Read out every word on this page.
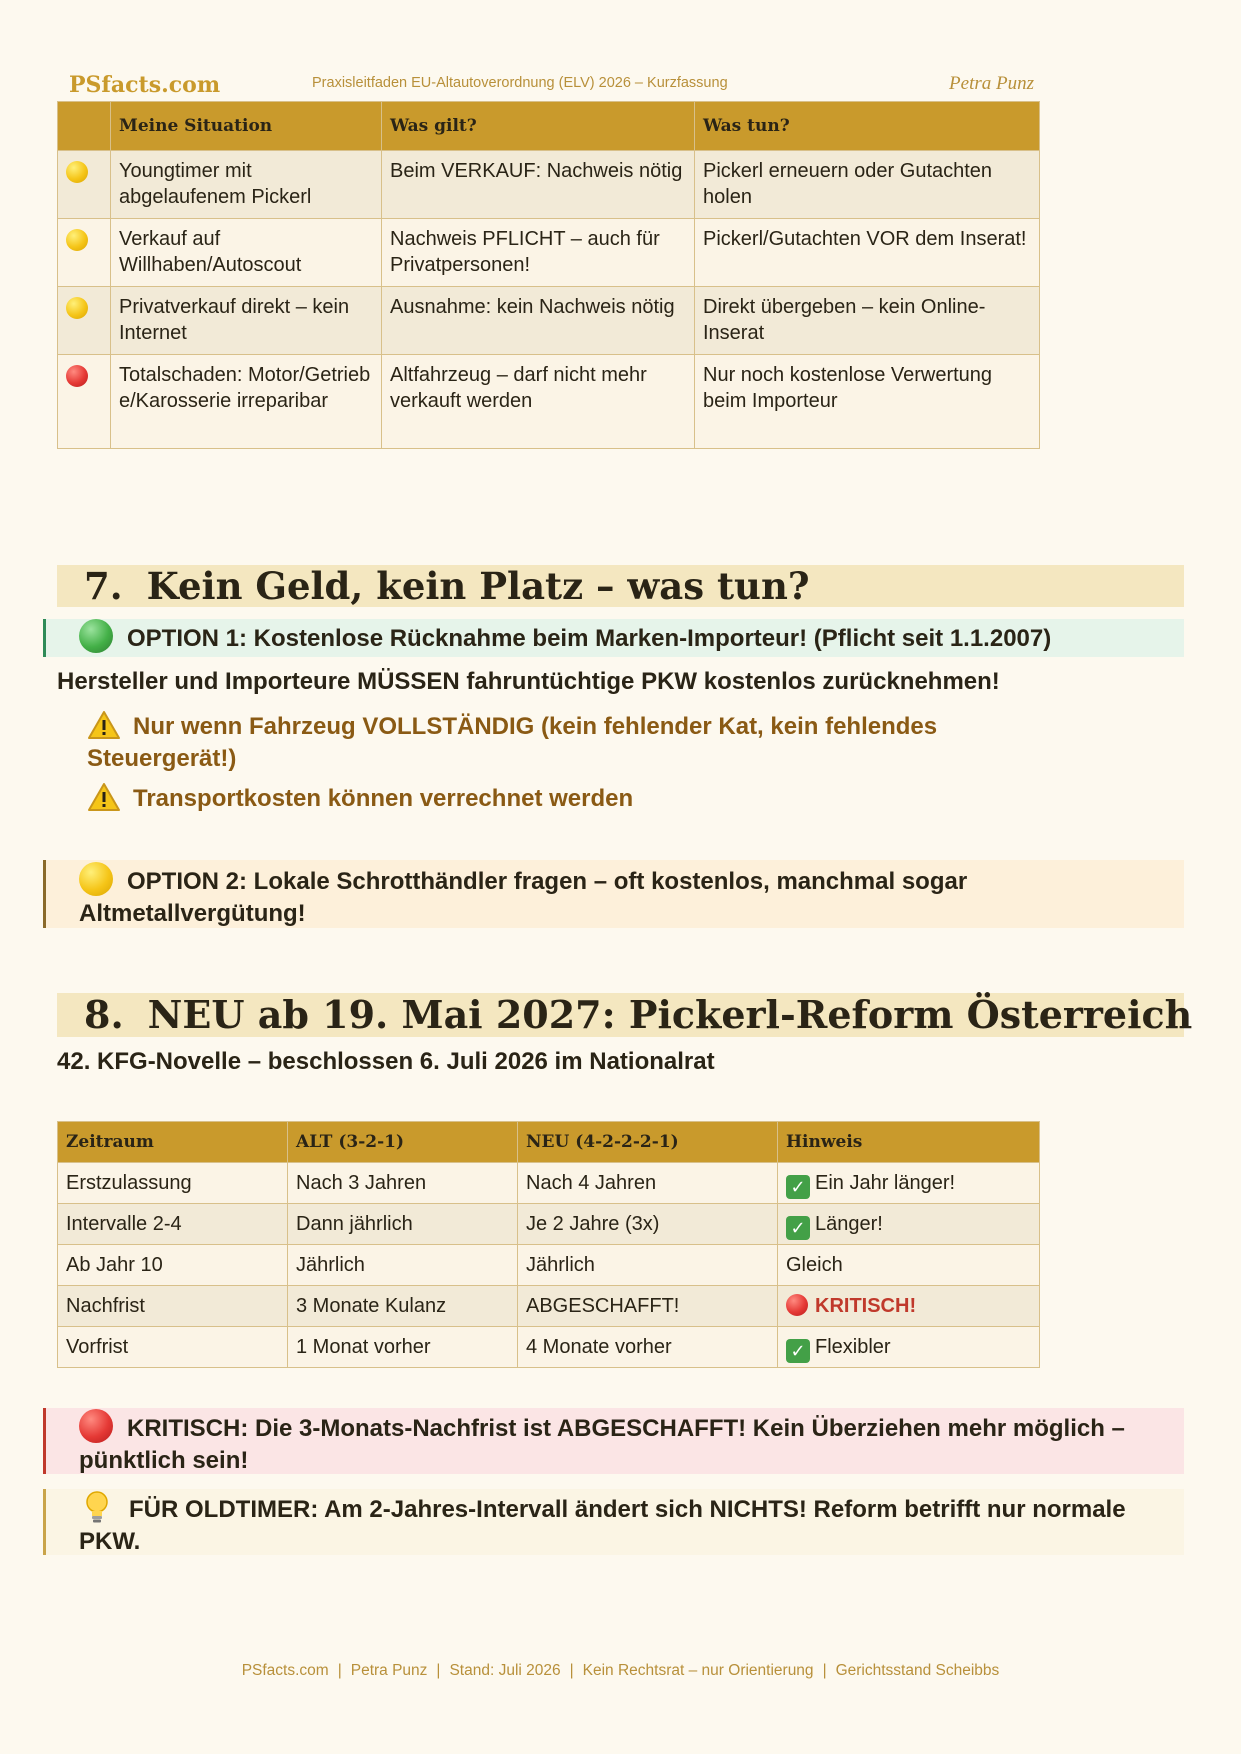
PSfacts.com	Praxisleitfaden EU-Altautoverordnung (ELV) 2026 – Kurzfassung	Petra Punz
	Meine Situation	Was gilt?	Was tun?
	Youngtimer mit abgelaufenem Pickerl	Beim VERKAUF: Nachweis nötig	Pickerl erneuern oder Gutachten holen
	Verkauf auf Willhaben/Autoscout	Nachweis PFLICHT – auch für Privatpersonen!	Pickerl/Gutachten VOR dem Inserat!
	Privatverkauf direkt – kein Internet	Ausnahme: kein Nachweis nötig	Direkt übergeben – kein Online-Inserat
	Totalschaden: Motor/Getriebe/Karosserie irreparibar	Altfahrzeug – darf nicht mehr verkauft werden	Nur noch kostenlose Verwertung beim Importeur
7. Kein Geld, kein Platz – was tun?
OPTION 1: Kostenlose Rücknahme beim Marken-Importeur! (Pflicht seit 1.1.2007)
Hersteller und Importeure MÜSSEN fahruntüchtige PKW kostenlos zurücknehmen!
Nur wenn Fahrzeug VOLLSTÄNDIG (kein fehlender Kat, kein fehlendes Steuergerät!)
Transportkosten können verrechnet werden
OPTION 2: Lokale Schrotthändler fragen – oft kostenlos, manchmal sogar Altmetallvergütung!
8. NEU ab 19. Mai 2027: Pickerl-Reform Österreich
42. KFG-Novelle – beschlossen 6. Juli 2026 im Nationalrat
Zeitraum	ALT (3-2-1)	NEU (4-2-2-2-1)	Hinweis
Erstzulassung	Nach 3 Jahren	Nach 4 Jahren	✓ Ein Jahr länger!
Intervalle 2-4	Dann jährlich	Je 2 Jahre (3x)	✓ Länger!
Ab Jahr 10	Jährlich	Jährlich	Gleich
Nachfrist	3 Monate Kulanz	ABGESCHAFFT!	KRITISCH!
Vorfrist	1 Monat vorher	4 Monate vorher	✓ Flexibler
KRITISCH: Die 3-Monats-Nachfrist ist ABGESCHAFFT! Kein Überziehen mehr möglich – pünktlich sein!
FÜR OLDTIMER: Am 2-Jahres-Intervall ändert sich NICHTS! Reform betrifft nur normale PKW.
PSfacts.com | Petra Punz | Stand: Juli 2026 | Kein Rechtsrat – nur Orientierung | Gerichtsstand Scheibbs
